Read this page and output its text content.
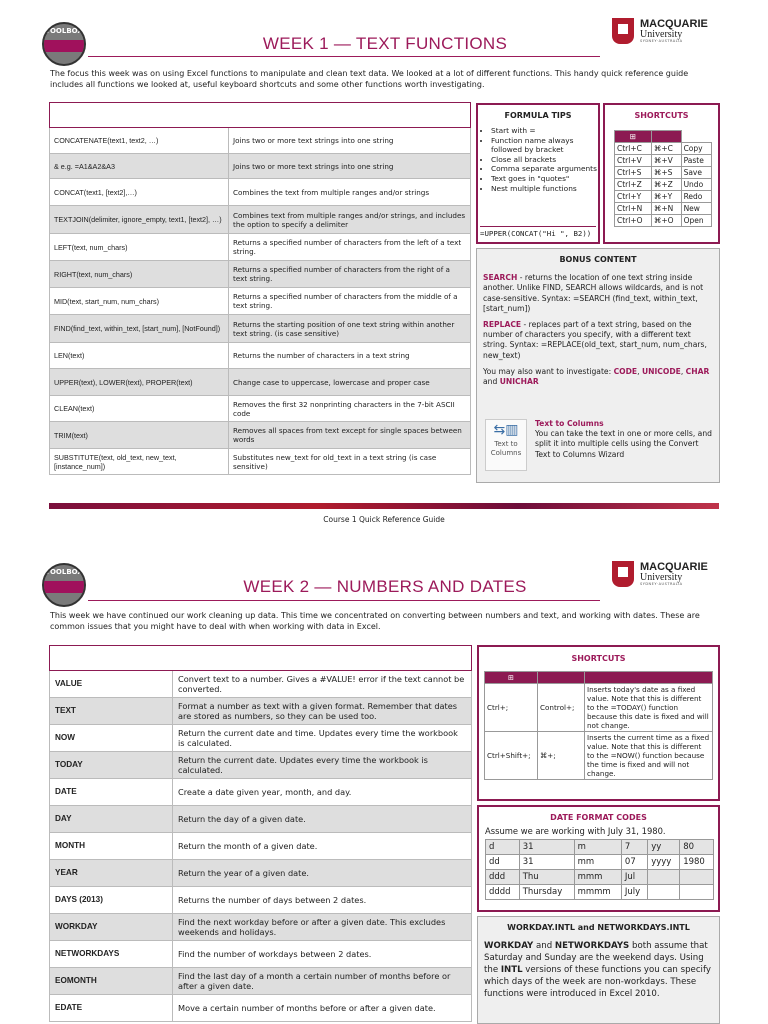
TOOLBOX
WEEK 1 — TEXT FUNCTIONS
MACQUARIE
University
SYDNEY·AUSTRALIA
The focus this week was on using Excel functions to manipulate and clean text data. We looked at a lot of different functions. This handy quick reference guide includes all functions we looked at, useful keyboard shortcuts and some other functions worth investigating.
TEXT FUNCTIONS AND OPERATORS	
CONCATENATE(text1, text2, …)	Joins two or more text strings into one string
& e.g. =A1&A2&A3	Joins two or more text strings into one string
CONCAT(text1, [text2],…)	Combines the text from multiple ranges and/or strings
TEXTJOIN(delimiter, ignore_empty, text1, [text2], …)	Combines text from multiple ranges and/or strings, and includes the option to specify a delimiter
LEFT(text, num_chars)	Returns a specified number of characters from the left of a text string.
RIGHT(text, num_chars)	Returns a specified number of characters from the right of a text string.
MID(text, start_num, num_chars)	Returns a specified number of characters from the middle of a text string.
FIND(find_text, within_text, [start_num], [NotFound])	Returns the starting position of one text string within another text string. (is case sensitive)
LEN(text)	Returns the number of characters in a text string
UPPER(text), LOWER(text), PROPER(text)	Change case to uppercase, lowercase and proper case
CLEAN(text)	Removes the first 32 nonprinting characters in the 7-bit ASCII code
TRIM(text)	Removes all spaces from text except for single spaces between words
SUBSTITUTE(text, old_text, new_text, [instance_num])	Substitutes new_text for old_text in a text string (is case sensitive)
FORMULA TIPS
• Start with =
• Function name always followed by bracket
• Close all brackets
• Comma separate arguments
• Text goes in "quotes"
• Nest multiple functions
=UPPER(CONCAT("Hi ", B2))
SHORTCUTS
⊞		
Ctrl+C	⌘+C	Copy
Ctrl+V	⌘+V	Paste
Ctrl+S	⌘+S	Save
Ctrl+Z	⌘+Z	Undo
Ctrl+Y	⌘+Y	Redo
Ctrl+N	⌘+N	New
Ctrl+O	⌘+O	Open
BONUS CONTENT
SEARCH - returns the location of one text string inside another. Unlike FIND, SEARCH allows wildcards, and is not case-sensitive. Syntax: =SEARCH (find_text, within_text, [start_num])
REPLACE - replaces part of a text string, based on the number of characters you specify, with a different text string. Syntax: =REPLACE(old_text, start_num, num_chars, new_text)
You may also want to investigate: CODE, UNICODE, CHAR and UNICHAR
⇆▥
Text to
Columns
Text to Columns
You can take the text in one or more cells, and split it into multiple cells using the Convert Text to Columns Wizard
Course 1 Quick Reference Guide
TOOLBOX
WEEK 2 — NUMBERS AND DATES
MACQUARIE
University
SYDNEY·AUSTRALIA
This week we have continued our work cleaning up data. This time we concentrated on converting between numbers and text, and working with dates. These are common issues that you might have to deal with when working with data in Excel.
NUMBER AND DATE FUNCTIONS	
VALUE	Convert text to a number. Gives a #VALUE! error if the text cannot be converted.
TEXT	Format a number as text with a given format. Remember that dates are stored as numbers, so they can be used too.
NOW	Return the current date and time. Updates every time the workbook is calculated.
TODAY	Return the current date. Updates every time the workbook is calculated.
DATE	Create a date given year, month, and day.
DAY	Return the day of a given date.
MONTH	Return the month of a given date.
YEAR	Return the year of a given date.
DAYS (2013)	Returns the number of days between 2 dates.
WORKDAY	Find the next workday before or after a given date. This excludes weekends and holidays.
NETWORKDAYS	Find the number of workdays between 2 dates.
EOMONTH	Find the last day of a month a certain number of months before or after a given date.
EDATE	Move a certain number of months before or after a given date.
SHORTCUTS
⊞		
Ctrl+;	Control+;	Inserts today's date as a fixed value. Note that this is different to the =TODAY() function because this date is fixed and will not change.
Ctrl+Shift+;	⌘+;	Inserts the current time as a fixed value. Note that this is different to the =NOW() function because the time is fixed and will not change.
DATE FORMAT CODES
Assume we are working with July 31, 1980.
d	31	m	7	yy	80
dd	31	mm	07	yyyy	1980
ddd	Thu	mmm	Jul		
dddd	Thursday	mmmm	July		
WORKDAY.INTL and NETWORKDAYS.INTL
WORKDAY and NETWORKDAYS both assume that Saturday and Sunday are the weekend days. Using the INTL versions of these functions you can specify which days of the week are non-workdays. These functions were introduced in Excel 2010.
